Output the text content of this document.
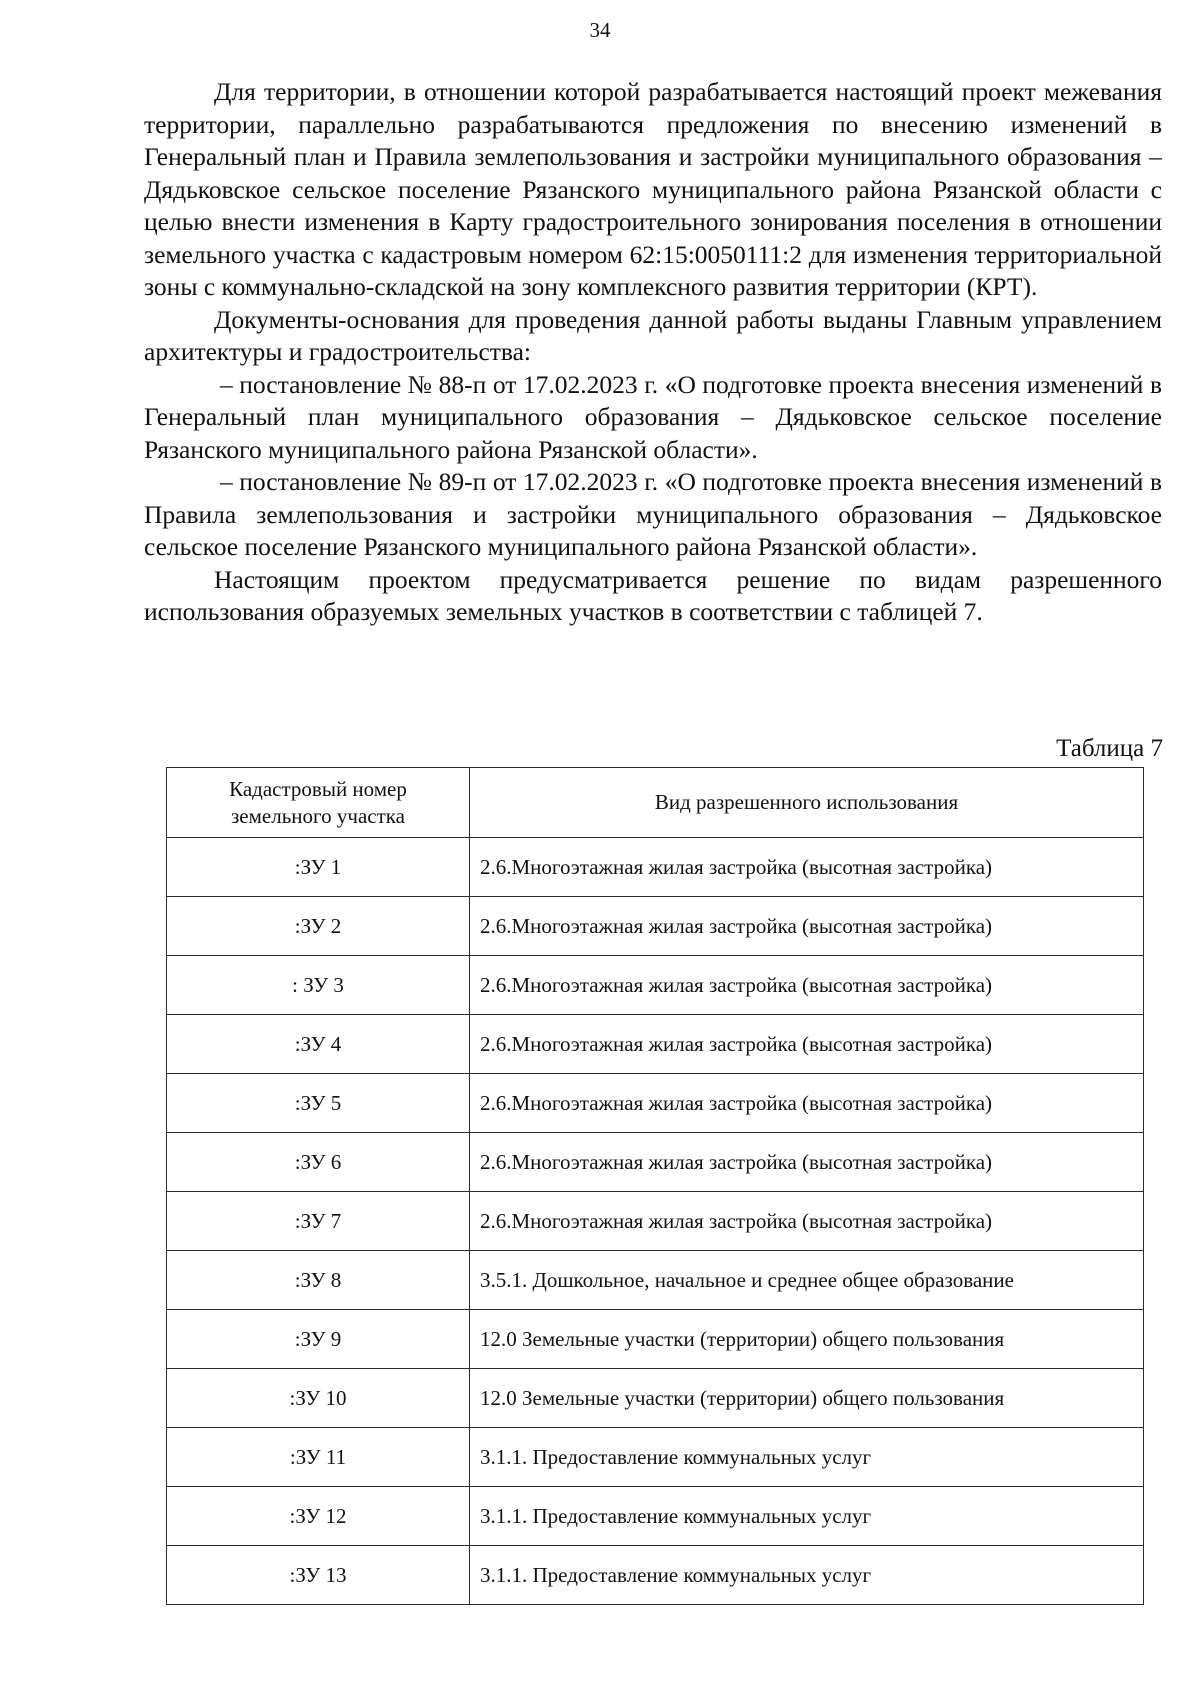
34

Для территории, в отношении которой разрабатывается настоящий проект межевания территории, параллельно разрабатываются предложения по внесению изменений в Генеральный план и Правила землепользования и застройки муниципального образования – Дядьковское сельское поселение Рязанского муниципального района Рязанской области с целью внести изменения в Карту градостроительного зонирования поселения в отношении земельного участка с кадастровым номером 62:15:0050111:2 для изменения территориальной зоны с коммунально-складской на зону комплексного развития территории (КРТ).

Документы-основания для проведения данной работы выданы Главным управлением архитектуры и градостроительства:

– постановление № 88-п от 17.02.2023 г. «О подготовке проекта внесения изменений в Генеральный план муниципального образования – Дядьковское сельское поселение Рязанского муниципального района Рязанской области».

– постановление № 89-п от 17.02.2023 г. «О подготовке проекта внесения изменений в Правила землепользования и застройки муниципального образования – Дядьковское сельское поселение Рязанского муниципального района Рязанской области».

Настоящим проектом предусматривается решение по видам разрешенного использования образуемых земельных участков в соответствии с таблицей 7.

Таблица 7
Кадастровый номер земельного участка	Вид разрешенного использования
:ЗУ 1	2.6.Многоэтажная жилая застройка (высотная застройка)
:ЗУ 2	2.6.Многоэтажная жилая застройка (высотная застройка)
: ЗУ 3	2.6.Многоэтажная жилая застройка (высотная застройка)
:ЗУ 4	2.6.Многоэтажная жилая застройка (высотная застройка)
:ЗУ 5	2.6.Многоэтажная жилая застройка (высотная застройка)
:ЗУ 6	2.6.Многоэтажная жилая застройка (высотная застройка)
:ЗУ 7	2.6.Многоэтажная жилая застройка (высотная застройка)
:ЗУ 8	3.5.1. Дошкольное, начальное и среднее общее образование
:ЗУ 9	12.0 Земельные участки (территории) общего пользования
:ЗУ 10	12.0 Земельные участки (территории) общего пользования
:ЗУ 11	3.1.1. Предоставление коммунальных услуг
:ЗУ 12	3.1.1. Предоставление коммунальных услуг
:ЗУ 13	3.1.1. Предоставление коммунальных услуг
